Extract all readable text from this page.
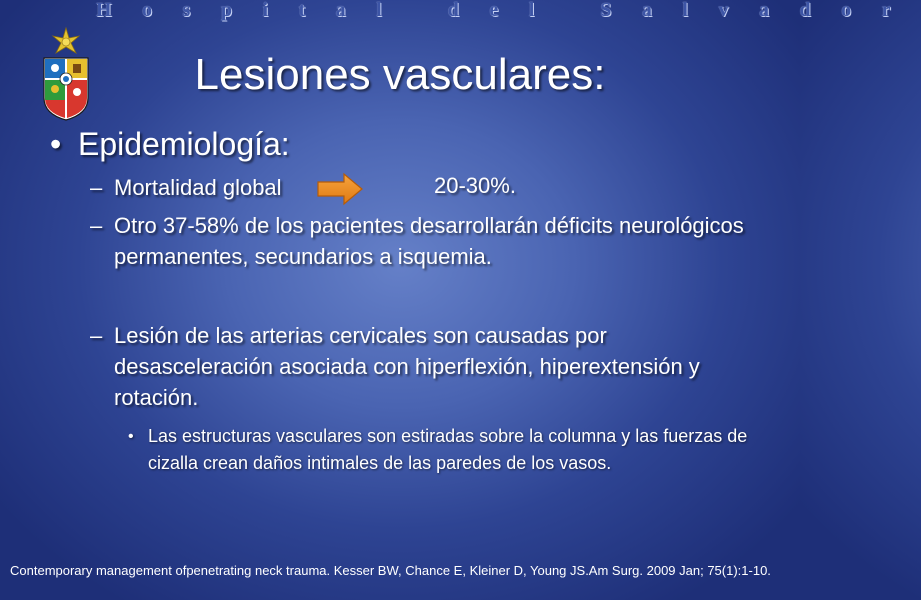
Hospital del Salvador
Lesiones vasculares:
• Epidemiología:
– Mortalidad global	20-30%.
– Otro 37-58% de los pacientes desarrollarán déficits neurológicos permanentes, secundarios a isquemia.
– Lesión de las arterias cervicales son causadas por desasceleración asociada con hiperflexión, hiperextensión y rotación.
• Las estructuras vasculares son estiradas sobre la columna y las fuerzas de cizalla crean daños intimales de las paredes de los vasos.
Contemporary management ofpenetrating neck trauma. Kesser BW, Chance E, Kleiner D, Young JS.Am Surg. 2009 Jan; 75(1):1-10.
